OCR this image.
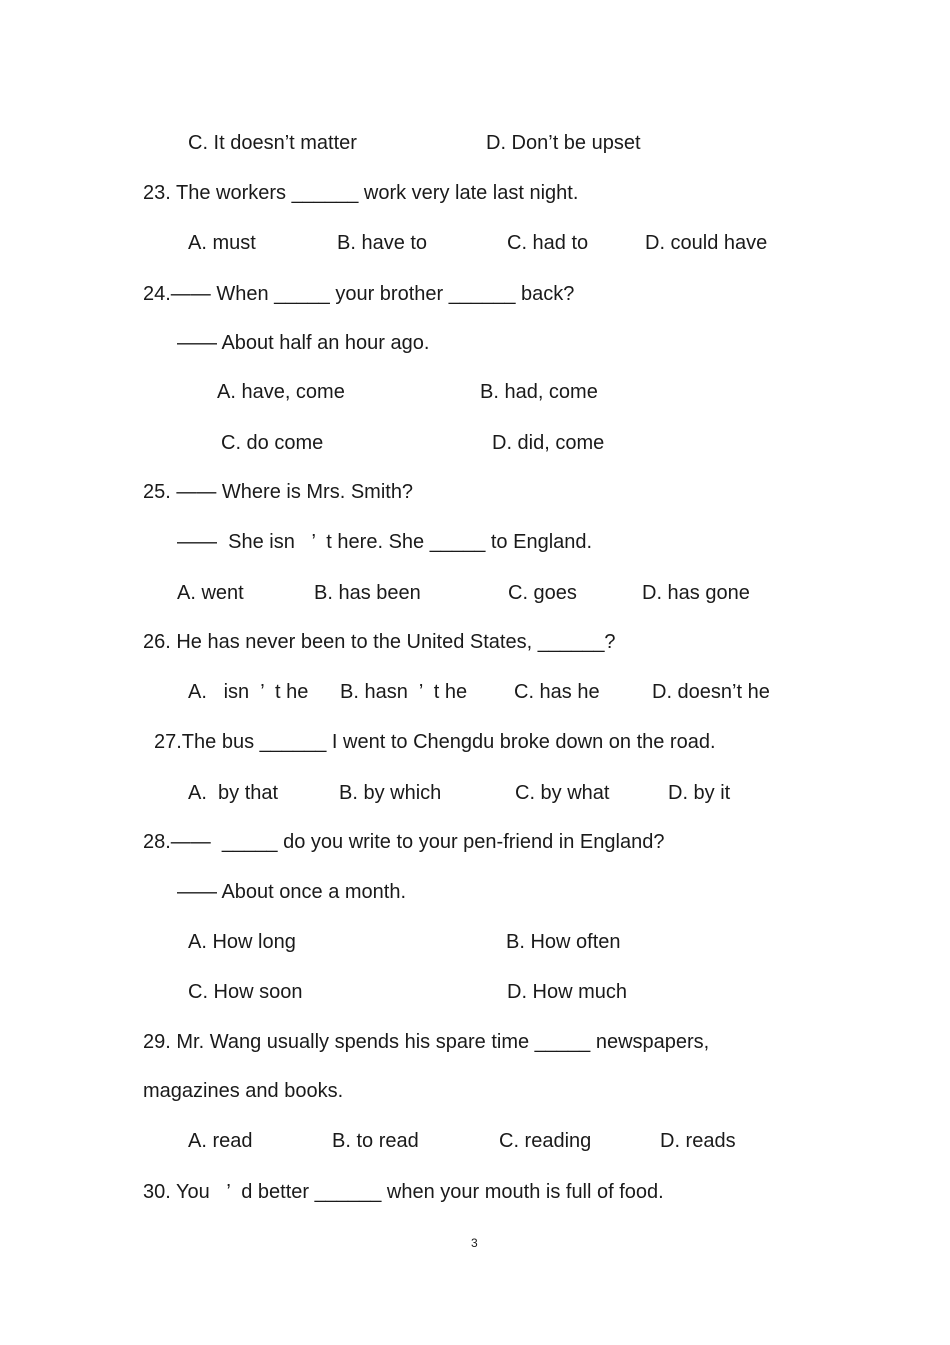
C. It doesn’t matter	D. Don’t be upset
23. The workers ______ work very late last night.
A. must	B. have to	C. had to	D. could have
24.—— When _____ your brother ______ back?
—— About half an hour ago.
A. have, come	B. had, come
C. do come	D. did, come
25. —— Where is Mrs. Smith?
——  She isn   ’  t here. She _____ to England.
A. went	B. has been	C. goes	D. has gone
26. He has never been to the United States, ______?
A.   isn  ’  t he B. hasn  ’  t he C. has he	D. doesn’t he
27.The bus ______ I went to Chengdu broke down on the road.
A.  by that	B. by which	C. by what	D. by it
28.——  _____ do you write to your pen-friend in England?
—— About once a month.
A. How long	B. How often
C. How soon	D. How much
29. Mr. Wang usually spends his spare time _____ newspapers,
magazines and books.
A. read	B. to read	C. reading	D. reads
30. You   ’  d better ______ when your mouth is full of food.
3
